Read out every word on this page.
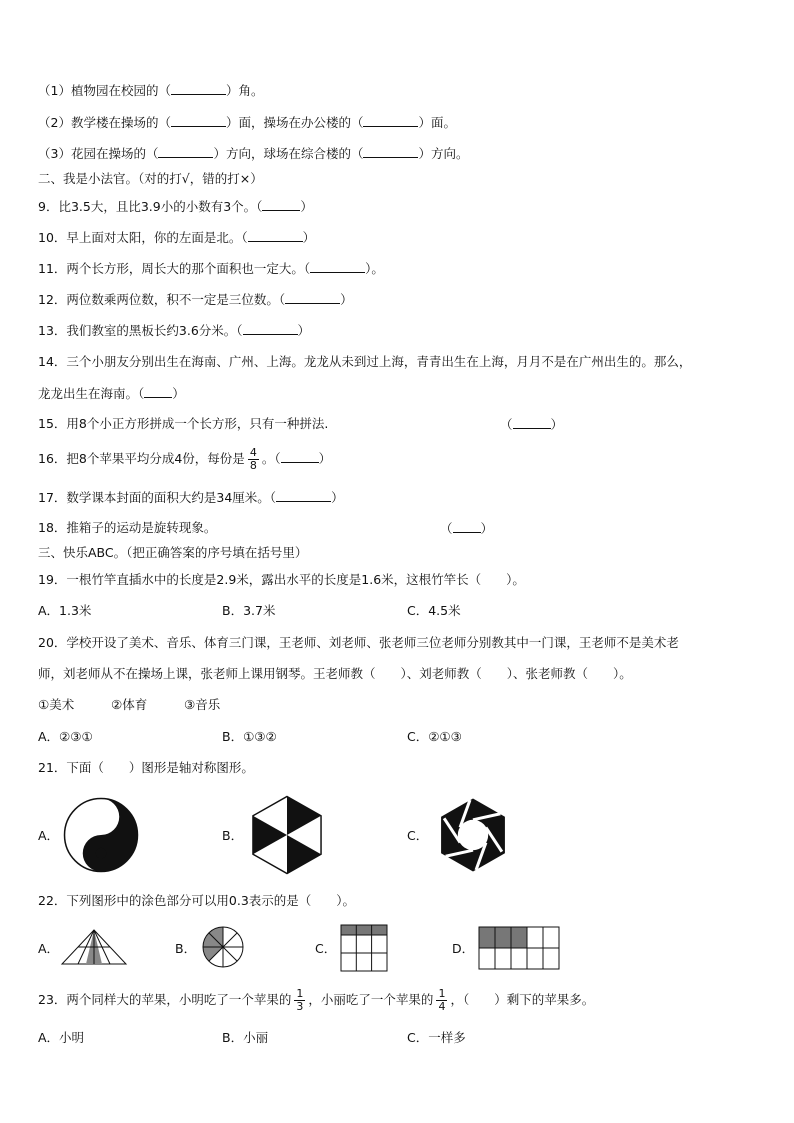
（1）植物园在校园的（	）角。
（2）教学楼在操场的（	）面，操场在办公楼的（	）面。
（3）花园在操场的（	）方向，球场在综合楼的（	）方向。
二、我是小法官。（对的打√，错的打×）
9．比3.5大，且比3.9小的小数有3个。（	）
10．早上面对太阳，你的左面是北。（	）
11．两个长方形，周长大的那个面积也一定大。（	）。
12．两位数乘两位数，积不一定是三位数。（	）
13．我们教室的黑板长约3.6分米。（	）
14．三个小朋友分别出生在海南、广州、上海。龙龙从未到过上海，青青出生在上海，月月不是在广州出生的。那么，
龙龙出生在海南。（ ）
15．用8个小正方形拼成一个长方形，只有一种拼法.	（	）
16．把8个苹果平均分成4份，每份是 $\frac{4}{8}$ 。（	）
17．数学课本封面的面积大约是34厘米。（	）
18．推箱子的运动是旋转现象。	（ ）
三、快乐ABC。（把正确答案的序号填在括号里）
19．一根竹竿直插水中的长度是2.9米，露出水平的长度是1.6米，这根竹竿长（　　）。
A．1.3米	B．3.7米	C．4.5米
20．学校开设了美术、音乐、体育三门课，王老师、刘老师、张老师三位老师分别教其中一门课，王老师不是美术老
师，刘老师从不在操场上课，张老师上课用钢琴。王老师教（　　）、刘老师教（　　）、张老师教（　　）。
①美术	②体育	③音乐
A．②③①	B．①③②	C．②①③
21．下面（　　）图形是轴对称图形。
A．	B．	C．
22．下列图形中的涂色部分可以用0.3表示的是（　　）。
A．	B．	C．	D．
23．两个同样大的苹果，小明吃了一个苹果的 $\frac{1}{3}$ ，小丽吃了一个苹果的 $\frac{1}{4}$ ，（　　）剩下的苹果多。
A．小明	B．小丽	C．一样多
